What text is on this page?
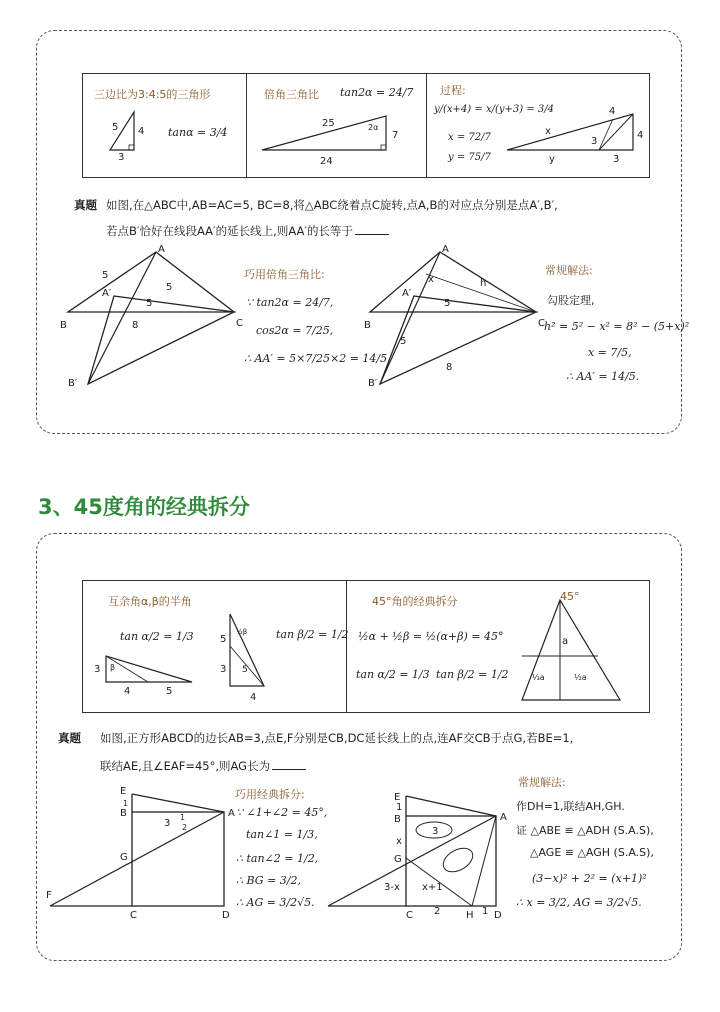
三边比为3:4:5的三角形
tanα = 3/4
倍角三角比 tan2α = 24/7 过程:
y/(x+4) = x/(y+3) = 3/4
x = 72/7
y = 75/7
4
3
5
24
7
25	2α	x
y
3
3
4
4
真题 如图,在△ABC中,AB=AC=5, BC=8,将△ABC绕着点C旋转,点A,B的对应点分别是点A′,B′,
若点B′恰好在线段AA′的延长线上,则AA′的长等于
B	C
A
A′
B′
5
8
5
5
巧用倍角三角比:
∵ tan2α = 24/7,
cos2α = 7/25,
∴ AA′ = 5×7/25×2 = 14/5.
B	C
A
A′
B′
5
8
5
h
x
常规解法:
勾股定理,
h² = 5² − x² = 8² − (5+x)²
x = 7/5,
∴ AA′ = 14/5.
3、45度角的经典拆分
互余角α,β的半角
tan α/2 = 1/3	tan β/2 = 1/2
3
4	5
β
5
3
4
5
½β
45°角的经典拆分
½α + ½β = ½(α+β) = 45°
tan α/2 = 1/3 tan β/2 = 1/2
45°
a
⅓a	½a
真题 如图,正方形ABCD的边长AB=3,点E,F分别是CB,DC延长线上的点,连AF交CB于点G,若BE=1,
联结AE,且∠EAF=45°,则AG长为
E
B
G
A
C	D
F
3
1
1
2
巧用经典拆分:
∵ ∠1+∠2 = 45°,
tan∠1 = 1/3,
∴ tan∠2 = 1/2,
∴ BG = 3/2,
∴ AG = 3/2√5.
E
B
G
A
C	H D
3
x
3-x x+1
2	1
1
常规解法:
作DH=1,联结AH,GH.
证 △ABE ≌ △ADH (S.A.S),
△AGE ≌ △AGH (S.A.S),
(3−x)² + 2² = (x+1)²
∴ x = 3/2, AG = 3/2√5.
